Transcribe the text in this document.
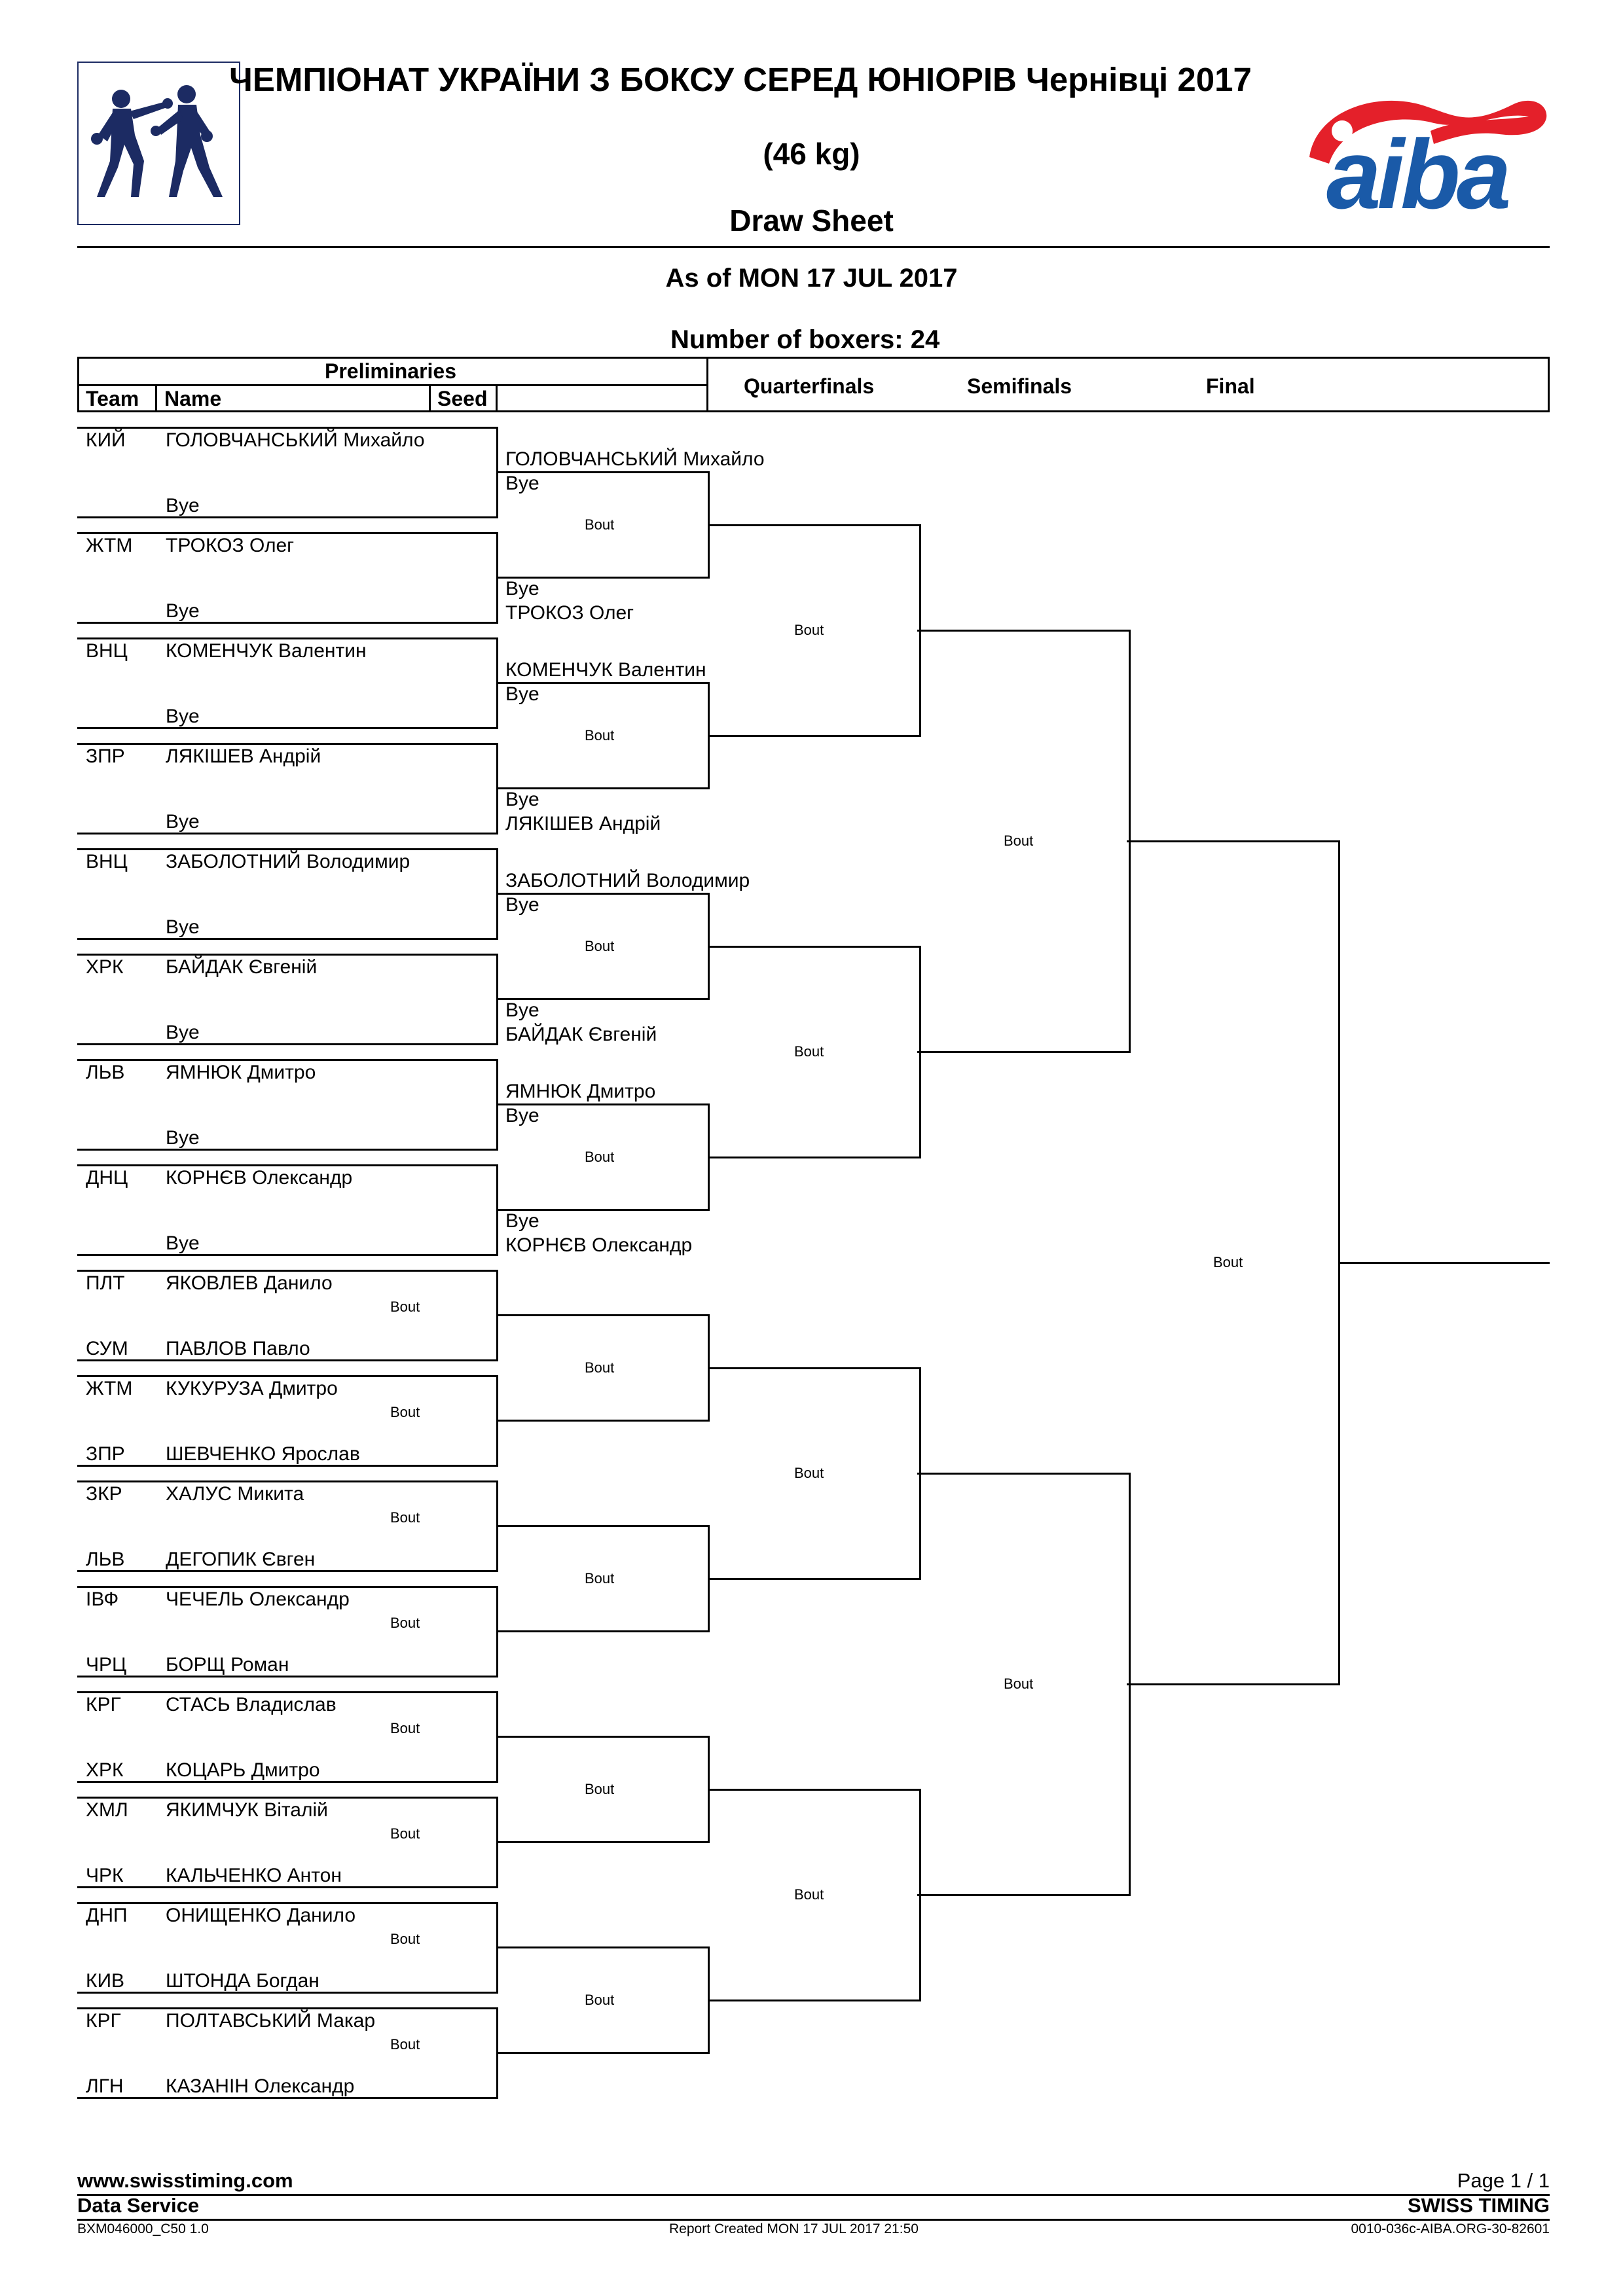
ЧЕМПІОНАТ УКРАЇНИ З БОКСУ СЕРЕД ЮНІОРІВ Чернівці 2017
(46 kg)
Draw Sheet	aiba
As of MON 17 JUL 2017
Number of boxers: 24
Preliminaries
Team Name	Seed
Quarterfinals	Semifinals	Final
КИЙ ГОЛОВЧАНСЬКИЙ Михайло
Bye
ЖТМ ТРОКОЗ Олег
Bye
ВНЦ КОМЕНЧУК Валентин
Bye
ЗПР ЛЯКІШЕВ Андрій
Bye
ВНЦ ЗАБОЛОТНИЙ Володимир
Bye
ХРК БАЙДАК Євгеній
Bye
ЛЬВ ЯМНЮК Дмитро
Bye
ДНЦ КОРНЄВ Олександр
Bye
ПЛТ ЯКОВЛЕВ Данило
СУМ ПАВЛОВ Павло
Bout
ЖТМ КУКУРУЗА Дмитро
ЗПР ШЕВЧЕНКО Ярослав
Bout
ЗКР ХАЛУС Микита
ЛЬВ ДЕГОПИК Євген
Bout
ІВФ ЧЕЧЕЛЬ Олександр
ЧРЦ БОРЩ Роман
Bout
КРГ СТАСЬ Владислав
ХРК КОЦАРЬ Дмитро
Bout
ХМЛ ЯКИМЧУК Віталій
ЧРК КАЛЬЧЕНКО Антон
Bout
ДНП ОНИЩЕНКО Данило
КИВ ШТОНДА Богдан
Bout
КРГ ПОЛТАВСЬКИЙ Макар
ЛГН КАЗАНІН Олександр
Bout
Bout
Bout
Bout
Bout
Bout
Bout
Bout
Bout
ГОЛОВЧАНСЬКИЙ Михайло
Bye
Bye
ТРОКОЗ Олег
КОМЕНЧУК Валентин
Bye
Bye
ЛЯКІШЕВ Андрій
ЗАБОЛОТНИЙ Володимир
Bye
Bye
БАЙДАК Євгеній
ЯМНЮК Дмитро
Bye
Bye
КОРНЄВ Олександр
Bout
Bout
Bout
Bout
Bout
Bout
Bout
www.swisstiming.com	Page 1 / 1
Data Service	SWISS TIMING
BXM046000_C50 1.0	Report Created MON 17 JUL 2017 21:50	0010-036c-AIBA.ORG-30-82601
